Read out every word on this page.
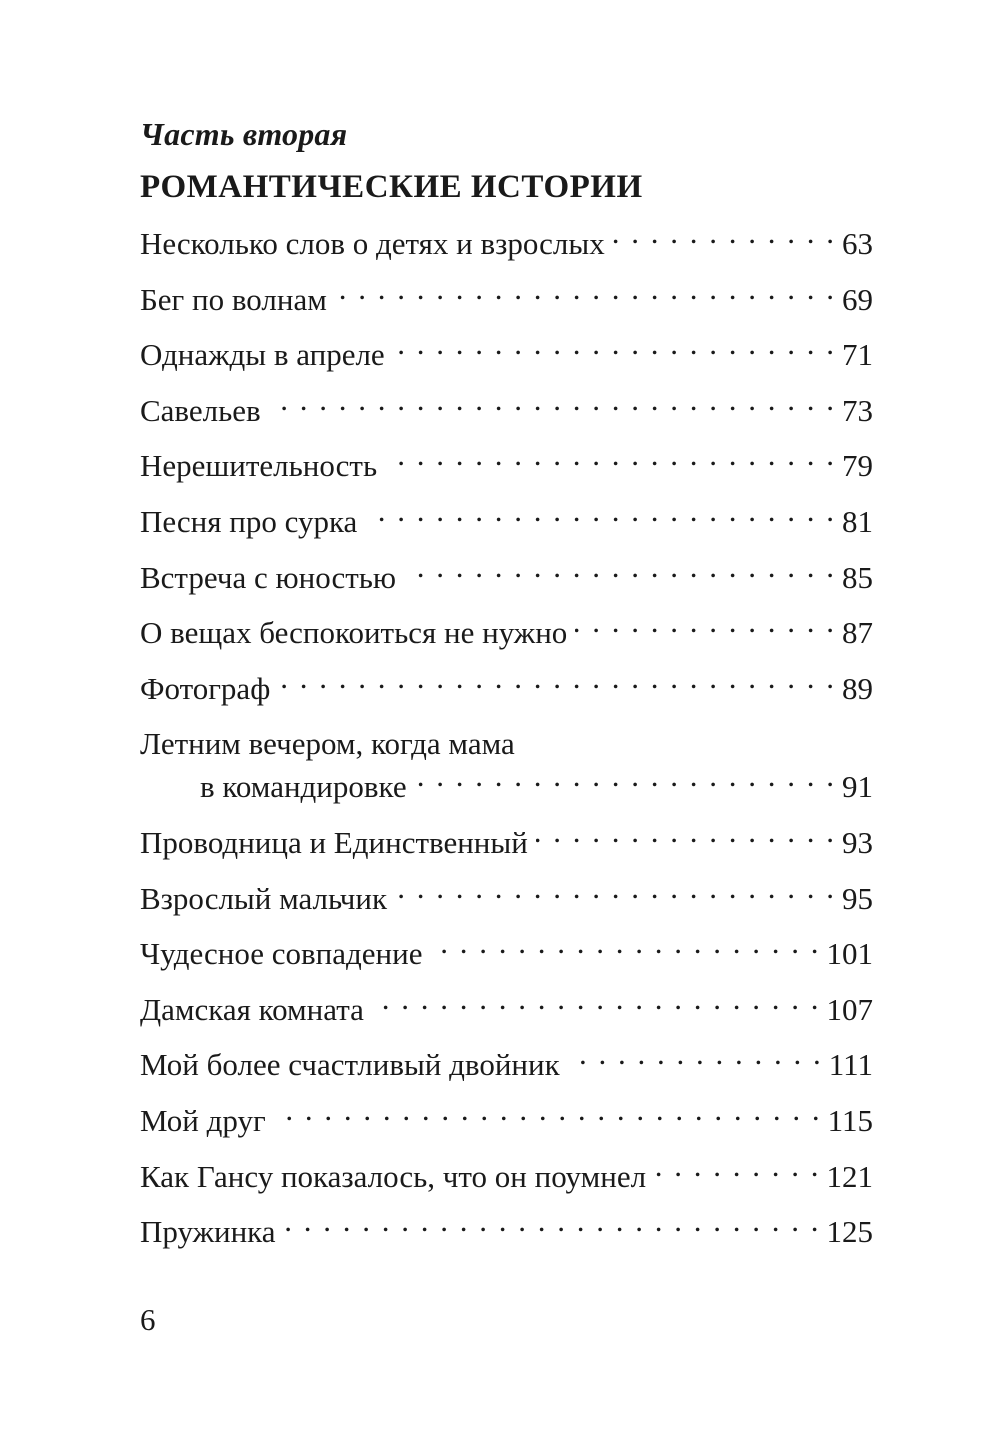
Часть вторая

РОМАНТИЧЕСКИЕ ИСТОРИИ
Несколько слов о детях и взрослых . . .	63
Бег по волнам . . .	69
Однажды в апреле . . .	71
Савельев . . .	73
Нерешительность . . .	79
Песня про сурка . . .	81
Встреча с юностью . . .	85
О вещах беспокоиться не нужно . . .	87
Фотограф . . .	89
Летним вечером, когда мама
в командировке . . .	91
Проводница и Единственный . . .	93
Взрослый мальчик . . .	95
Чудесное совпадение . . .	101
Дамская комната . . .	107
Мой более счастливый двойник . . .	111
Мой друг . . .	115
Как Гансу показалось, что он поумнел . . .	121
Пружинка . . .	125
6
